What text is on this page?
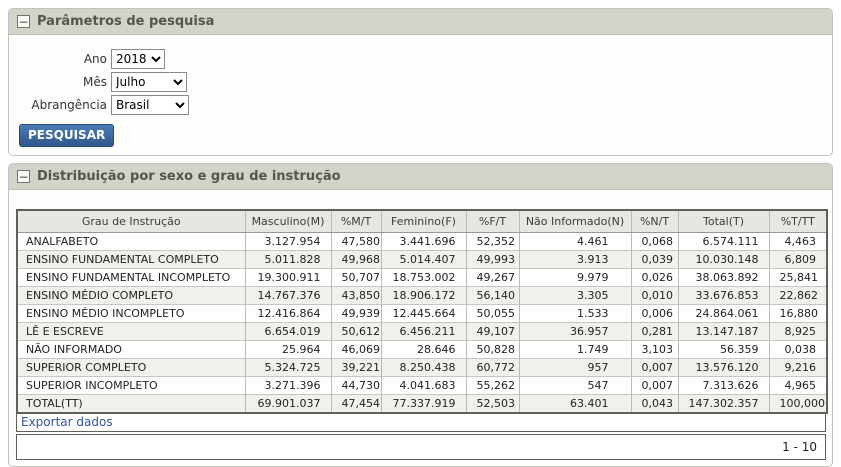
− Parâmetros de pesquisa
Ano
2018
Mês
Julho
Abrangência
Brasil
PESQUISAR
− Distribuição por sexo e grau de instrução
Grau de Instrução	Masculino(M)	%M/T	Feminino(F)	%F/T	Não Informado(N)	%N/T	Total(T)	%T/TT
ANALFABETO	3.127.954	47,580	3.441.696	52,352	4.461	0,068	6.574.111	4,463
ENSINO FUNDAMENTAL COMPLETO	5.011.828	49,968	5.014.407	49,993	3.913	0,039	10.030.148	6,809
ENSINO FUNDAMENTAL INCOMPLETO	19.300.911	50,707	18.753.002	49,267	9.979	0,026	38.063.892	25,841
ENSINO MÉDIO COMPLETO	14.767.376	43,850	18.906.172	56,140	3.305	0,010	33.676.853	22,862
ENSINO MÉDIO INCOMPLETO	12.416.864	49,939	12.445.664	50,055	1.533	0,006	24.864.061	16,880
LÊ E ESCREVE	6.654.019	50,612	6.456.211	49,107	36.957	0,281	13.147.187	8,925
NÃO INFORMADO	25.964	46,069	28.646	50,828	1.749	3,103	56.359	0,038
SUPERIOR COMPLETO	5.324.725	39,221	8.250.438	60,772	957	0,007	13.576.120	9,216
SUPERIOR INCOMPLETO	3.271.396	44,730	4.041.683	55,262	547	0,007	7.313.626	4,965
TOTAL(TT)	69.901.037	47,454	77.337.919	52,503	63.401	0,043	147.302.357	100,000
Exportar dados
1 - 10
